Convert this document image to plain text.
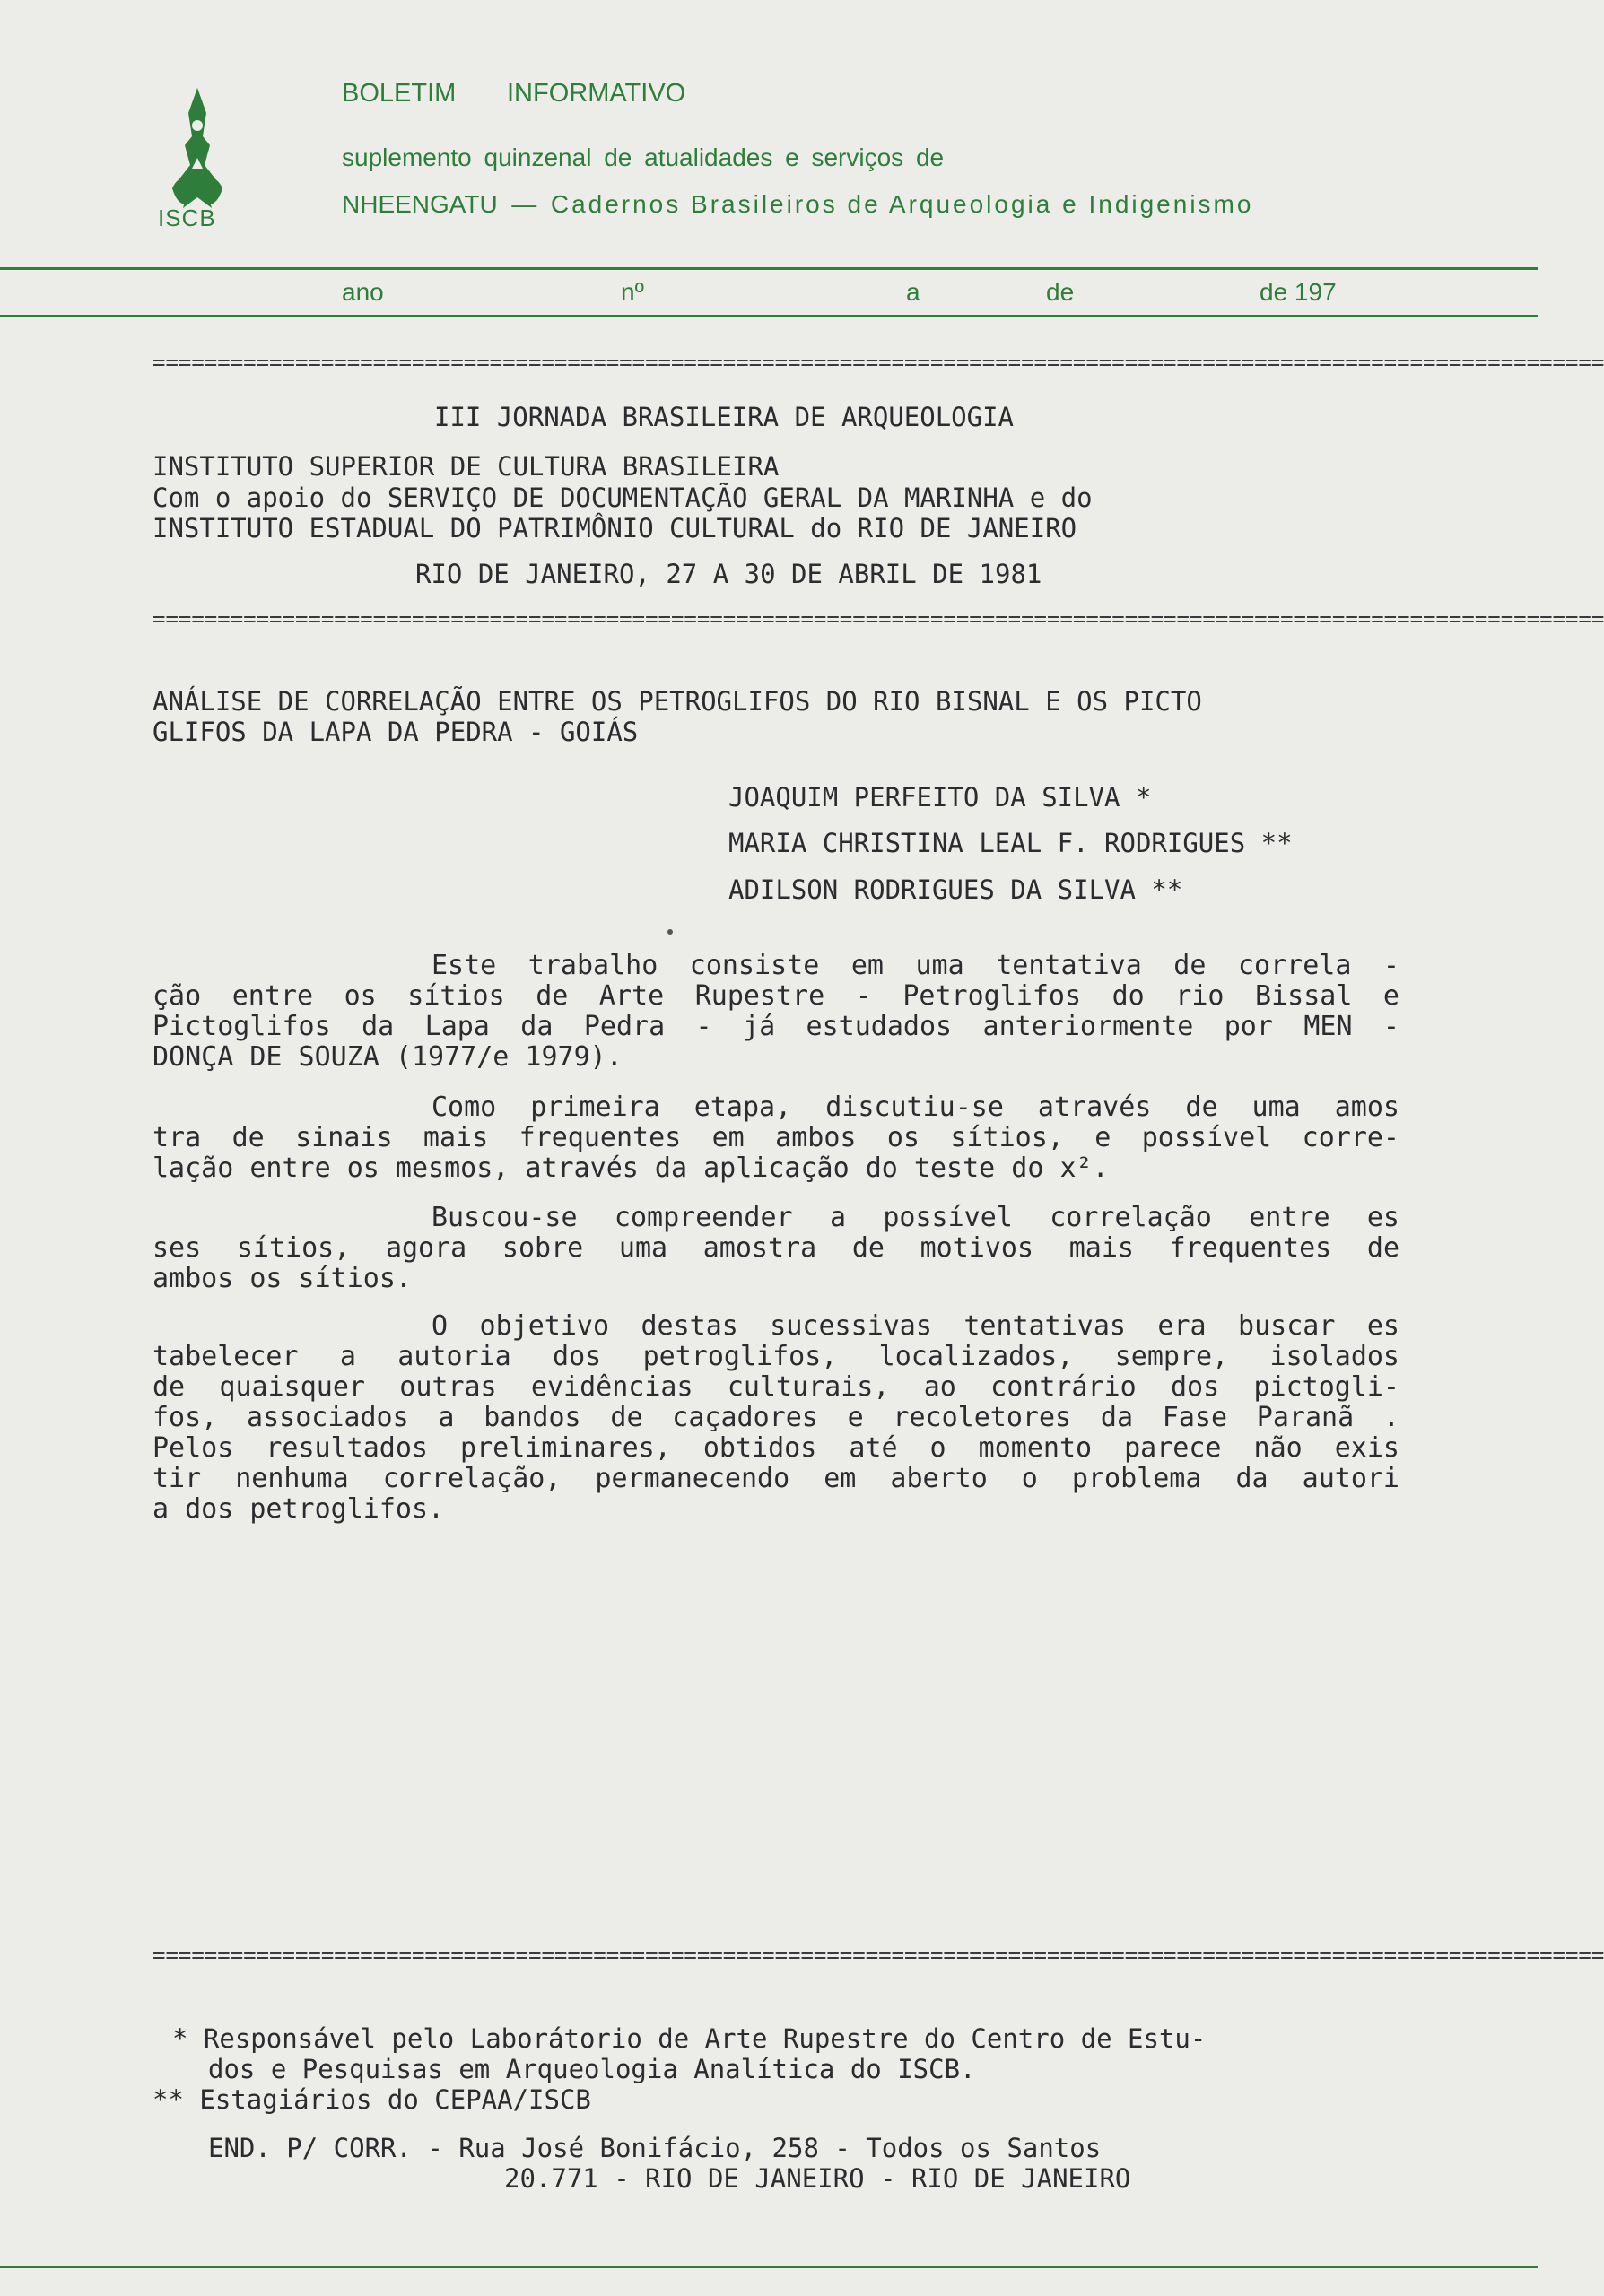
ISCB
BOLETIM INFORMATIVO
suplemento quinzenal de atualidades e serviços de
NHEENGATU — Cadernos Brasileiros de Arqueologia e Indigenismo
ano	nº	a	de	de 197
================================================================================================================
III JORNADA BRASILEIRA DE ARQUEOLOGIA
INSTITUTO SUPERIOR DE CULTURA BRASILEIRA
Com o apoio do SERVIÇO DE DOCUMENTAÇÃO GERAL DA MARINHA e do
INSTITUTO ESTADUAL DO PATRIMÔNIO CULTURAL do RIO DE JANEIRO
RIO DE JANEIRO, 27 A 30 DE ABRIL DE 1981
================================================================================================================
ANÁLISE DE CORRELAÇÃO ENTRE OS PETROGLIFOS DO RIO BISNAL E OS PICTO
GLIFOS DA LAPA DA PEDRA - GOIÁS
JOAQUIM PERFEITO DA SILVA *
MARIA CHRISTINA LEAL F. RODRIGUES **
ADILSON RODRIGUES DA SILVA **
Este trabalho consiste em uma tentativa de correla -
ção entre os sítios de Arte Rupestre - Petroglifos do rio Bissal e
Pictoglifos da Lapa da Pedra - já estudados anteriormente por MEN -
DONÇA DE SOUZA (1977/e 1979).
Como primeira etapa, discutiu-se através de uma amos
tra de sinais mais frequentes em ambos os sítios, e possível corre-
lação entre os mesmos, através da aplicação do teste do x².
Buscou-se compreender a possível correlação entre es
ses sítios, agora sobre uma amostra de motivos mais frequentes de
ambos os sítios.
O objetivo destas sucessivas tentativas era buscar es
tabelecer a autoria dos petroglifos, localizados, sempre, isolados
de quaisquer outras evidências culturais, ao contrário dos pictogli-
fos, associados a bandos de caçadores e recoletores da Fase Paranã .
Pelos resultados preliminares, obtidos até o momento parece não exis
tir nenhuma correlação, permanecendo em aberto o problema da autori
a dos petroglifos.
================================================================================================================
* Responsável pelo Laborátorio de Arte Rupestre do Centro de Estu-
dos e Pesquisas em Arqueologia Analítica do ISCB.
** Estagiários do CEPAA/ISCB
END. P/ CORR. - Rua José Bonifácio, 258 - Todos os Santos
20.771 - RIO DE JANEIRO - RIO DE JANEIRO
